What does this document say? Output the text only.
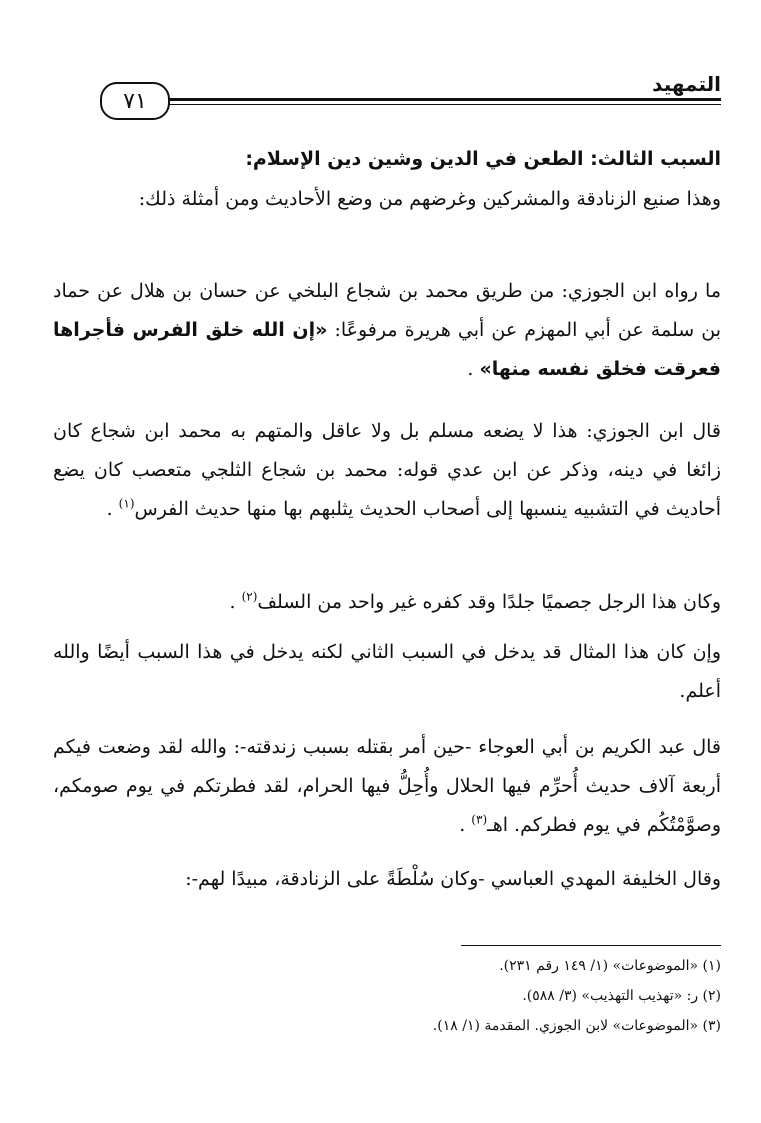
التمهيد
٧١
السبب الثالث: الطعن في الدين وشين دين الإسلام:
وهذا صنيع الزنادقة والمشركين وغرضهم من وضع الأحاديث ومن أمثلة ذلك:
ما رواه ابن الجوزي: من طريق محمد بن شجاع البلخي عن حسان بن هلال عن حماد بن سلمة عن أبي المهزم عن أبي هريرة مرفوعًا: «إن الله خلق الفرس فأجراها فعرقت فخلق نفسه منها» .
قال ابن الجوزي: هذا لا يضعه مسلم بل ولا عاقل والمتهم به محمد ابن شجاع كان زائغا في دينه، وذكر عن ابن عدي قوله: محمد بن شجاع الثلجي متعصب كان يضع أحاديث في التشبيه ينسبها إلى أصحاب الحديث يثلبهم بها منها حديث الفرس$^{(١)}$ .
وكان هذا الرجل جصميًا جلدًا وقد كفره غير واحد من السلف$^{(٢)}$ .
وإن كان هذا المثال قد يدخل في السبب الثاني لكنه يدخل في هذا السبب أيضًا والله أعلم.
قال عبد الكريم بن أبي العوجاء -حين أمر بقتله بسبب زندقته-: والله لقد وضعت فيكم أربعة آلاف حديث أُحرِّم فيها الحلال وأُحِلُّ فيها الحرام، لقد فطرتكم في يوم صومكم، وصوَّمْتُكُم في يوم فطركم. اهـ$^{(٣)}$ .
وقال الخليفة المهدي العباسي -وكان سُلْطَةً على الزنادقة، مبيدًا لهم-:
(١) «الموضوعات» (١/ ١٤٩ رقم ٢٣١).
(٢) ر: «تهذيب التهذيب» (٣/ ٥٨٨).
(٣) «الموضوعات» لابن الجوزي. المقدمة (١/ ١٨).
